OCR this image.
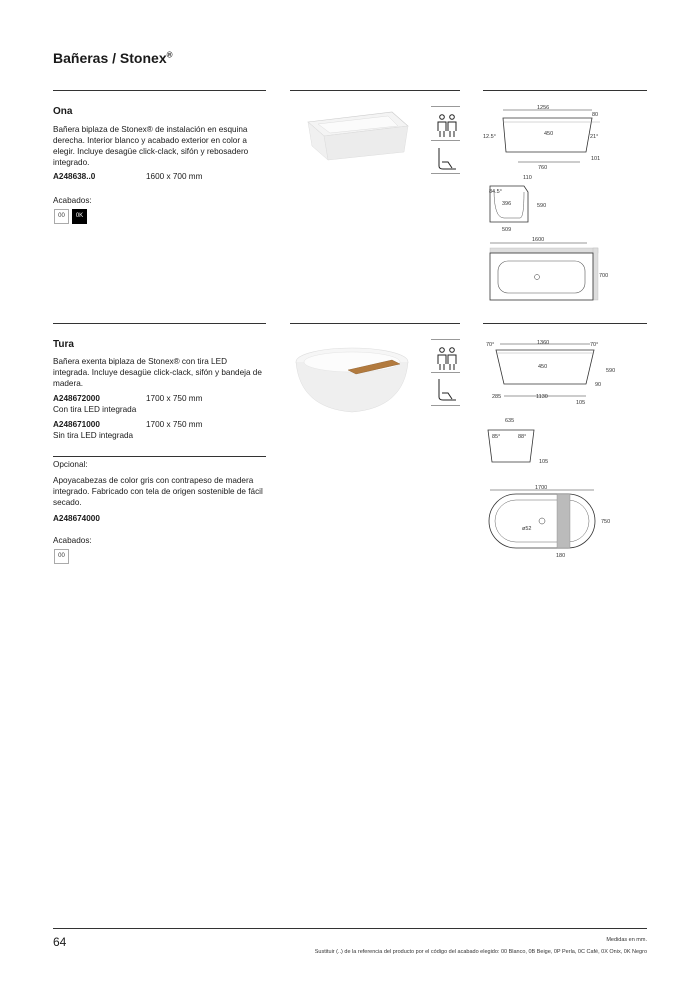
Bañeras / Stonex®
Ona
Bañera biplaza de Stonex® de instalación en esquina derecha. Interior blanco y acabado exterior en color a elegir. Incluye desagüe click-clack, sifón y rebosadero integrado.
A248638..0	1600 x 700 mm
Acabados:
00	0K
1256
80
12.5°	450	21°
760
101
110
84.5°
396	590
509
1600
700
Tura
Bañera exenta biplaza de Stonex® con tira LED integrada. Incluye desagüe click-clack, sifón y bandeja de madera.
A248672000	1700 x 750 mm
Con tira LED integrada
A248671000	1700 x 750 mm
Sin tira LED integrada
Opcional:
Apoyacabezas de color gris con contrapeso de madera integrado. Fabricado con tela de origen sostenible de fácil secado.
A248674000
Acabados:
00
70°	1360	70°
450
590
90
285	1130
105
635
85°	88°
105
1700
ø52
750
180
64	Medidas en mm.
Sustituir (..) de la referencia del producto por el código del acabado elegido: 00 Blanco, 0B Beige, 0P Perla, 0C Café, 0X Onix, 0K Negro
